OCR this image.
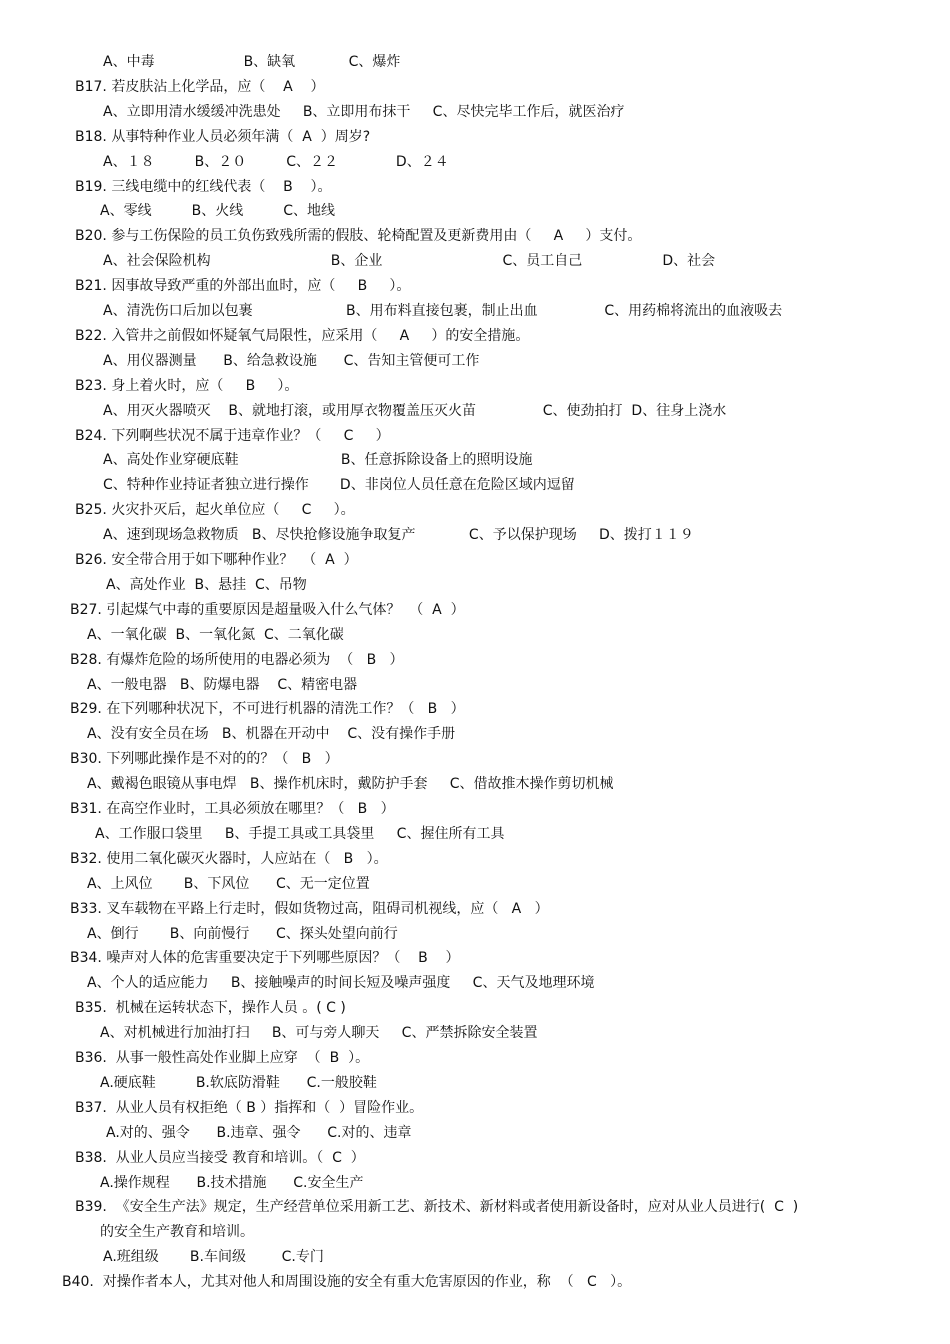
A、中毒                    B、缺氧            C、爆炸
B17. 若皮肤沾上化学品，应（    A    ）
A、立即用清水缓缓冲洗患处     B、立即用布抹干     C、尽快完毕工作后，就医治疗
B18. 从事特种作业人员必须年满（  A  ）周岁?
A、１８         B、２０         C、２２             D、２４
B19. 三线电缆中的红线代表（    B    ）。
A、零线         B、火线         C、地线
B20. 参与工伤保险的员工负伤致残所需的假肢、轮椅配置及更新费用由（     A     ）支付。
A、社会保险机构                           B、企业                           C、员工自己                  D、社会
B21. 因事故导致严重的外部出血时，应（     B     ）。
A、清洗伤口后加以包裹                     B、用布料直接包裹，制止出血               C、用药棉将流出的血液吸去
B22. 入管井之前假如怀疑氧气局限性，应采用（     A     ）的安全措施。
A、用仪器测量      B、给急救设施      C、告知主管便可工作
B23. 身上着火时，应（     B     ）。
A、用灭火器喷灭    B、就地打滚，或用厚衣物覆盖压灭火苗               C、使劲拍打  D、往身上浇水
B24. 下列啊些状况不属于违章作业？（     C     ）
A、高处作业穿硬底鞋                       B、任意拆除设备上的照明设施
C、特种作业持证者独立进行操作       D、非岗位人员任意在危险区域内逗留
B25. 火灾扑灭后，起火单位应（     C     ）。
A、速到现场急救物质   B、尽快抢修设施争取复产            C、予以保护现场     D、拨打１１９
B26. 安全带合用于如下哪种作业？  （  A  ）
A、高处作业  B、悬挂  C、吊物
B27. 引起煤气中毒的重要原因是超量吸入什么气体？  （  A  ）
A、一氧化碳  B、一氧化氮  C、二氧化碳
B28. 有爆炸危险的场所使用的电器必须为  （   B   ）
A、一般电器   B、防爆电器    C、精密电器
B29. 在下列哪种状况下，不可进行机器的清洗工作？（   B   ）
A、没有安全员在场   B、机器在开动中    C、没有操作手册
B30. 下列哪此操作是不对的的？（   B   ）
A、戴褐色眼镜从事电焊   B、操作机床时，戴防护手套     C、借故推木操作剪切机械
B31. 在高空作业时，工具必须放在哪里？（   B   ）
A、工作服口袋里     B、手提工具或工具袋里     C、握住所有工具
B32. 使用二氧化碳灭火器时，人应站在（   B   ）。
A、上风位       B、下风位      C、无一定位置
B33. 叉车载物在平路上行走时，假如货物过高，阻碍司机视线，应（   A   ）
A、倒行       B、向前慢行      C、探头处望向前行
B34. 噪声对人体的危害重要决定于下列哪些原因？（    B    ）
A、个人的适应能力     B、接触噪声的时间长短及噪声强度     C、天气及地理环境
B35.  机械在运转状态下，操作人员 。( C )
A、对机械进行加油打扫     B、可与旁人聊天     C、严禁拆除安全装置
B36.  从事一般性高处作业脚上应穿  （  B  ）。
A.硬底鞋         B.软底防滑鞋      C.一般胶鞋
B37.  从业人员有权拒绝（ B ）指挥和（  ）冒险作业。
A.对的、强令      B.违章、强令      C.对的、违章
B38.  从业人员应当接受 教育和培训。（  C  ）
A.操作规程      B.技术措施      C.安全生产
B39.  《安全生产法》规定，生产经营单位采用新工艺、新技术、新材料或者使用新设备时，应对从业人员进行(  C  )
的安全生产教育和培训。
A.班组级       B.车间级        C.专门
B40.  对操作者本人，尤其对他人和周围设施的安全有重大危害原因的作业，称  （   C   ）。
